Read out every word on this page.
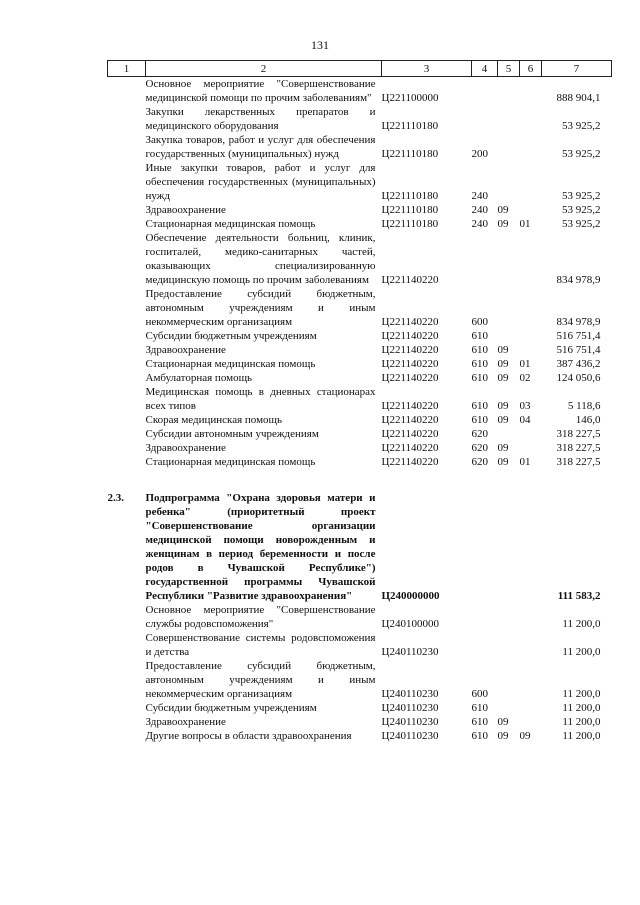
131
1	2	3	4	5	6	7
	Основное мероприятие "Совершенствование медицинской помощи по прочим заболеваниям"	Ц221100000				888 904,1
	Закупки лекарственных препаратов и медицинского оборудования	Ц221110180				53 925,2
	Закупка товаров, работ и услуг для обеспечения государственных (муниципальных) нужд	Ц221110180	200			53 925,2
	Иные закупки товаров, работ и услуг для обеспечения государственных (муниципальных) нужд	Ц221110180	240			53 925,2
	Здравоохранение	Ц221110180	240	09		53 925,2
	Стационарная медицинская помощь	Ц221110180	240	09	01	53 925,2
	Обеспечение деятельности больниц, клиник, госпиталей, медико-санитарных частей, оказывающих специализированную медицинскую помощь по прочим заболеваниям	Ц221140220				834 978,9
	Предоставление субсидий бюджетным, автономным учреждениям и иным некоммерческим организациям	Ц221140220	600			834 978,9
	Субсидии бюджетным учреждениям	Ц221140220	610			516 751,4
	Здравоохранение	Ц221140220	610	09		516 751,4
	Стационарная медицинская помощь	Ц221140220	610	09	01	387 436,2
	Амбулаторная помощь	Ц221140220	610	09	02	124 050,6
	Медицинская помощь в дневных стационарах всех типов	Ц221140220	610	09	03	5 118,6
	Скорая медицинская помощь	Ц221140220	610	09	04	146,0
	Субсидии автономным учреждениям	Ц221140220	620			318 227,5
	Здравоохранение	Ц221140220	620	09		318 227,5
	Стационарная медицинская помощь	Ц221140220	620	09	01	318 227,5

2.3.	Подпрограмма "Охрана здоровья матери и ребенка" (приоритетный проект "Совершенствование организации медицинской помощи новорожденным и женщинам в период беременности и после родов в Чувашской Республике") государственной программы Чувашской Республики "Развитие здравоохранения"	Ц240000000				111 583,2
	Основное мероприятие "Совершенствование службы родовспоможения"	Ц240100000				11 200,0
	Совершенствование системы родовспоможения и детства	Ц240110230				11 200,0
	Предоставление субсидий бюджетным, автономным учреждениям и иным некоммерческим организациям	Ц240110230	600			11 200,0
	Субсидии бюджетным учреждениям	Ц240110230	610			11 200,0
	Здравоохранение	Ц240110230	610	09		11 200,0
	Другие вопросы в области здравоохранения	Ц240110230	610	09	09	11 200,0
